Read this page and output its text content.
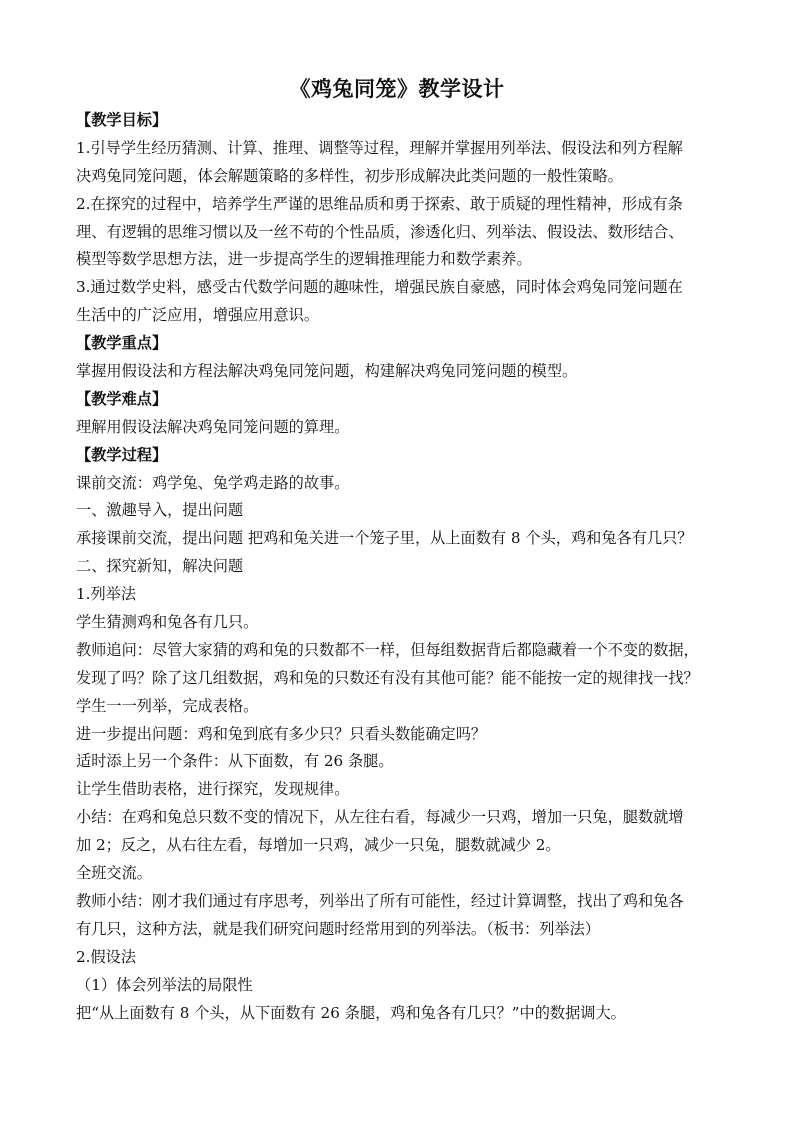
《鸡兔同笼》教学设计
【教学目标】
1.引导学生经历猜测、计算、推理、调整等过程，理解并掌握用列举法、假设法和列方程解
决鸡兔同笼问题，体会解题策略的多样性，初步形成解决此类问题的一般性策略。
2.在探究的过程中，培养学生严谨的思维品质和勇于探索、敢于质疑的理性精神，形成有条
理、有逻辑的思维习惯以及一丝不苟的个性品质，渗透化归、列举法、假设法、数形结合、
模型等数学思想方法，进一步提高学生的逻辑推理能力和数学素养。
3.通过数学史料，感受古代数学问题的趣味性，增强民族自豪感，同时体会鸡兔同笼问题在
生活中的广泛应用，增强应用意识。
【教学重点】
掌握用假设法和方程法解决鸡兔同笼问题，构建解决鸡兔同笼问题的模型。
【教学难点】
理解用假设法解决鸡兔同笼问题的算理。
【教学过程】
课前交流：鸡学兔、兔学鸡走路的故事。
一、激趣导入，提出问题
承接课前交流，提出问题 把鸡和兔关进一个笼子里，从上面数有 8 个头，鸡和兔各有几只？
二、探究新知，解决问题
1.列举法
学生猜测鸡和兔各有几只。
教师追问：尽管大家猜的鸡和兔的只数都不一样，但每组数据背后都隐藏着一个不变的数据，
发现了吗？除了这几组数据，鸡和兔的只数还有没有其他可能？能不能按一定的规律找一找？
学生一一列举，完成表格。
进一步提出问题：鸡和兔到底有多少只？只看头数能确定吗？
适时添上另一个条件：从下面数，有 26 条腿。
让学生借助表格，进行探究，发现规律。
小结：在鸡和兔总只数不变的情况下，从左往右看，每减少一只鸡，增加一只兔，腿数就增
加 2；反之，从右往左看，每增加一只鸡，减少一只兔，腿数就减少 2。
全班交流。
教师小结：刚才我们通过有序思考，列举出了所有可能性，经过计算调整，找出了鸡和兔各
有几只，这种方法，就是我们研究问题时经常用到的列举法。（板书：列举法）
2.假设法
（1）体会列举法的局限性
把“从上面数有 8 个头，从下面数有 26 条腿，鸡和兔各有几只？”中的数据调大。
